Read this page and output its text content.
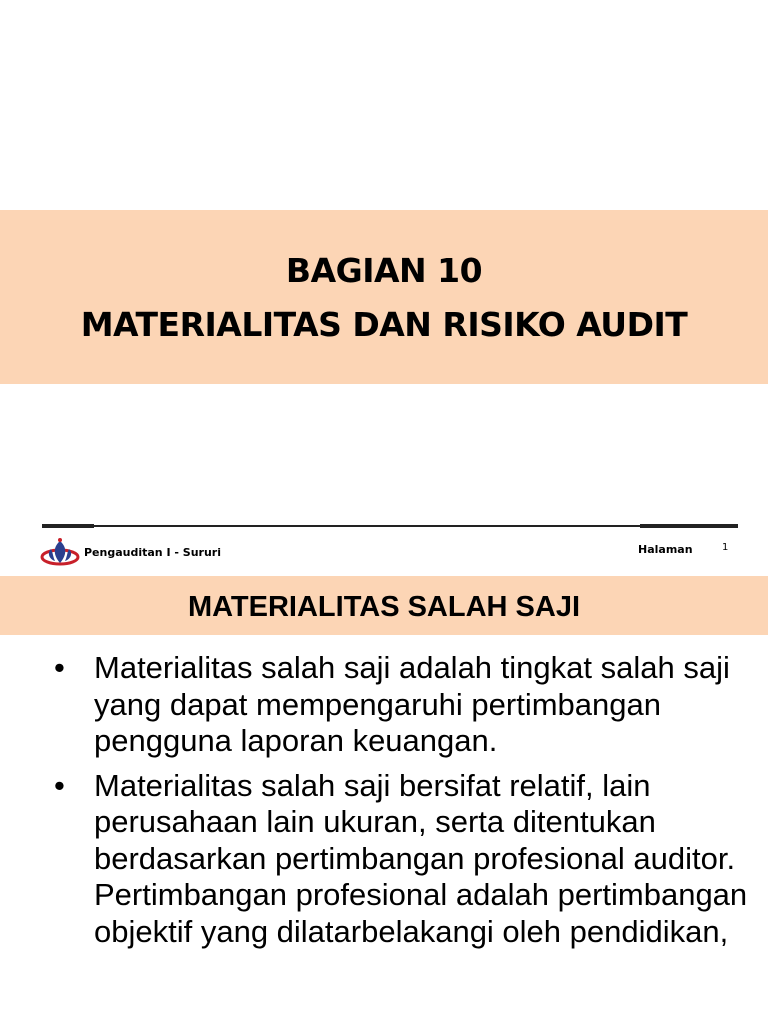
BAGIAN 10
MATERIALITAS DAN RISIKO AUDIT
Pengauditan I - Sururi	Halaman	1
MATERIALITAS SALAH SAJI
• Materialitas salah saji adalah tingkat salah saji yang dapat mempengaruhi pertimbangan pengguna laporan keuangan.
• Materialitas salah saji bersifat relatif, lain perusahaan lain ukuran, serta ditentukan berdasarkan pertimbangan profesional auditor. Pertimbangan profesional adalah pertimbangan objektif yang dilatarbelakangi oleh pendidikan,
